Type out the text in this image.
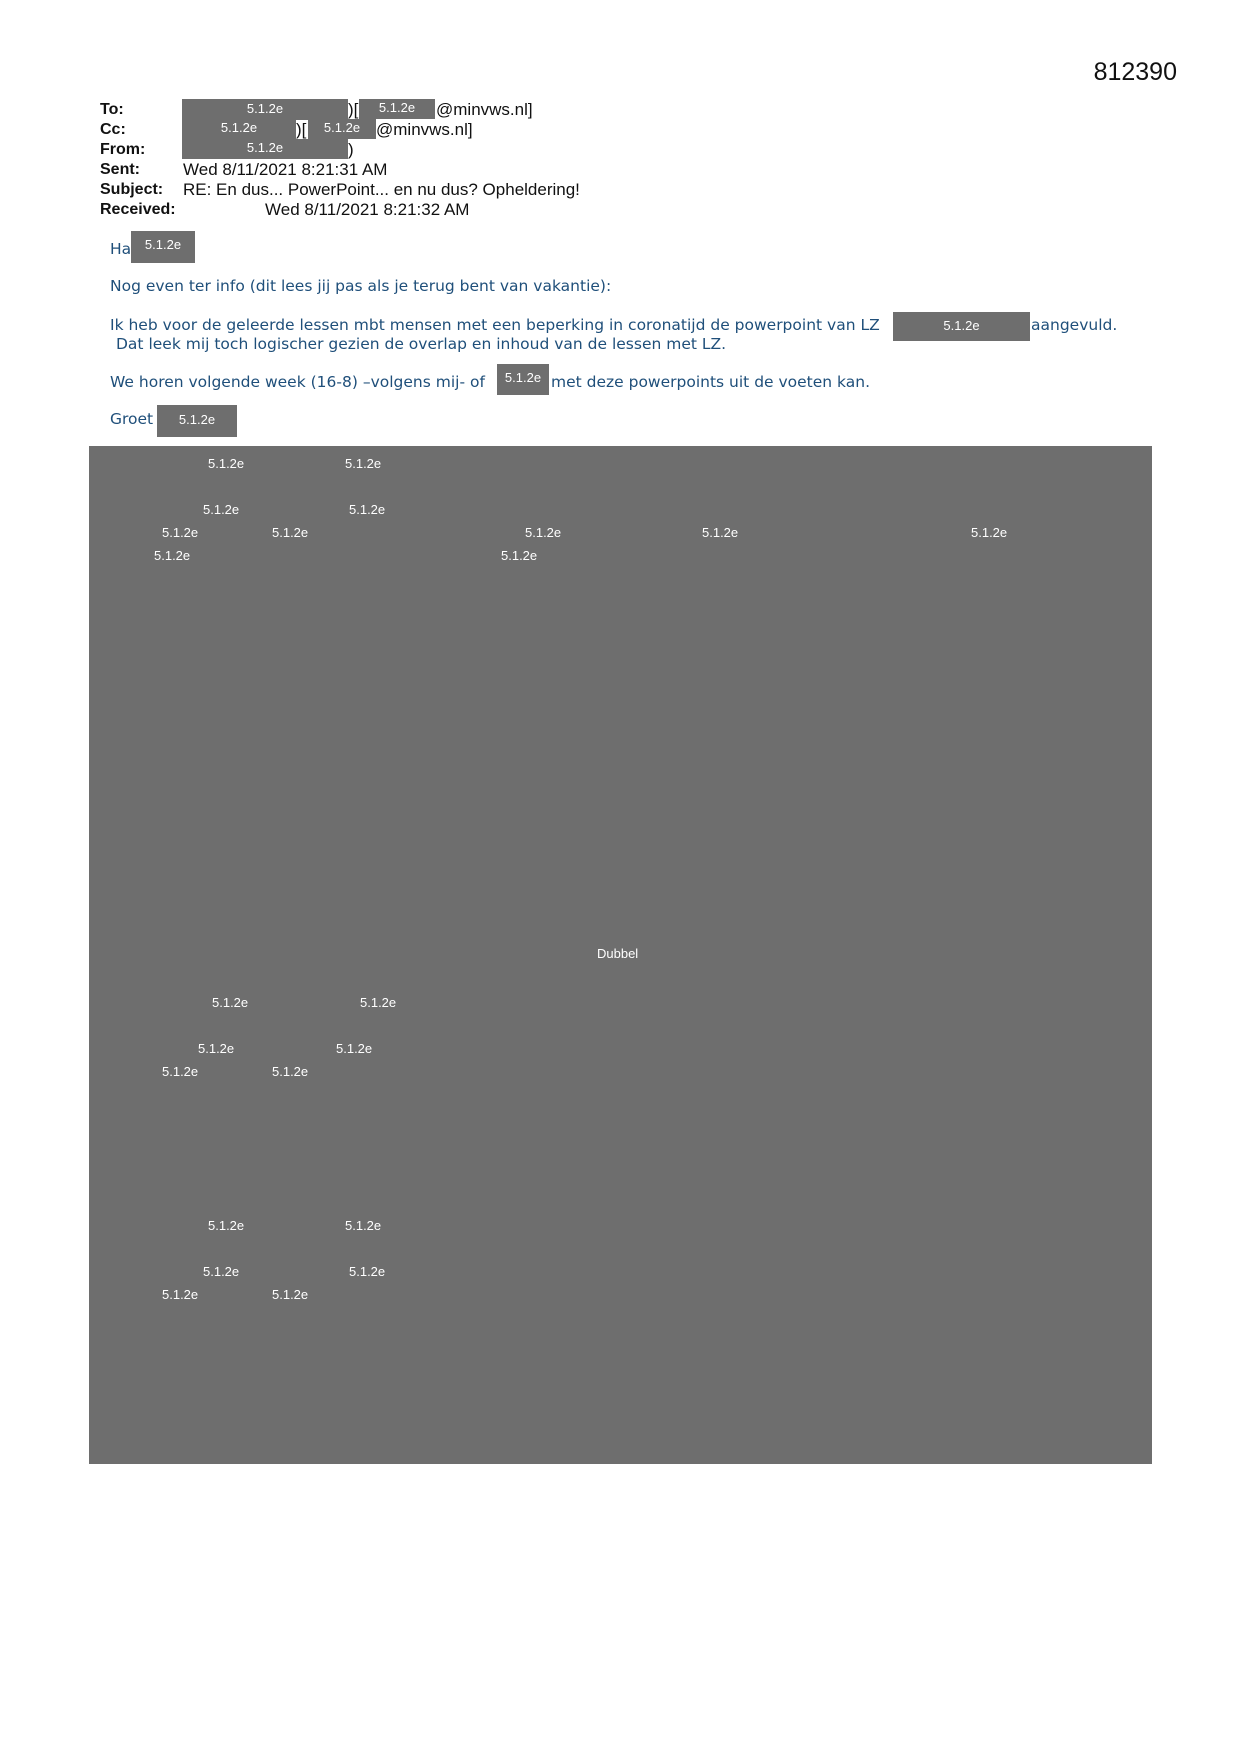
812390
To:	5.1.2e	)[	5.1.2e	@minvws.nl]
Cc:	5.1.2e	)[	5.1.2e @minvws.nl]
From:	5.1.2e	)
Sent:	Wed 8/11/2021 8:21:31 AM
Subject: RE: En dus... PowerPoint... en nu dus? Opheldering!
Received:	Wed 8/11/2021 8:21:32 AM
Ha	5.1.2e
Nog even ter info (dit lees jij pas als je terug bent van vakantie):
Ik heb voor de geleerde lessen mbt mensen met een beperking in coronatijd de powerpoint van LZ	5.1.2e	aangevuld.
Dat leek mij toch logischer gezien de overlap en inhoud van de lessen met LZ.
We horen volgende week (16-8) –volgens mij- of	5.1.2e met deze powerpoints uit de voeten kan.
Groet	5.1.2e
5.1.2e	5.1.2e
5.1.2e	5.1.2e
5.1.2e	5.1.2e	5.1.2e	5.1.2e	5.1.2e
5.1.2e	5.1.2e
Dubbel
5.1.2e	5.1.2e
5.1.2e	5.1.2e
5.1.2e	5.1.2e
5.1.2e	5.1.2e
5.1.2e	5.1.2e
5.1.2e	5.1.2e
